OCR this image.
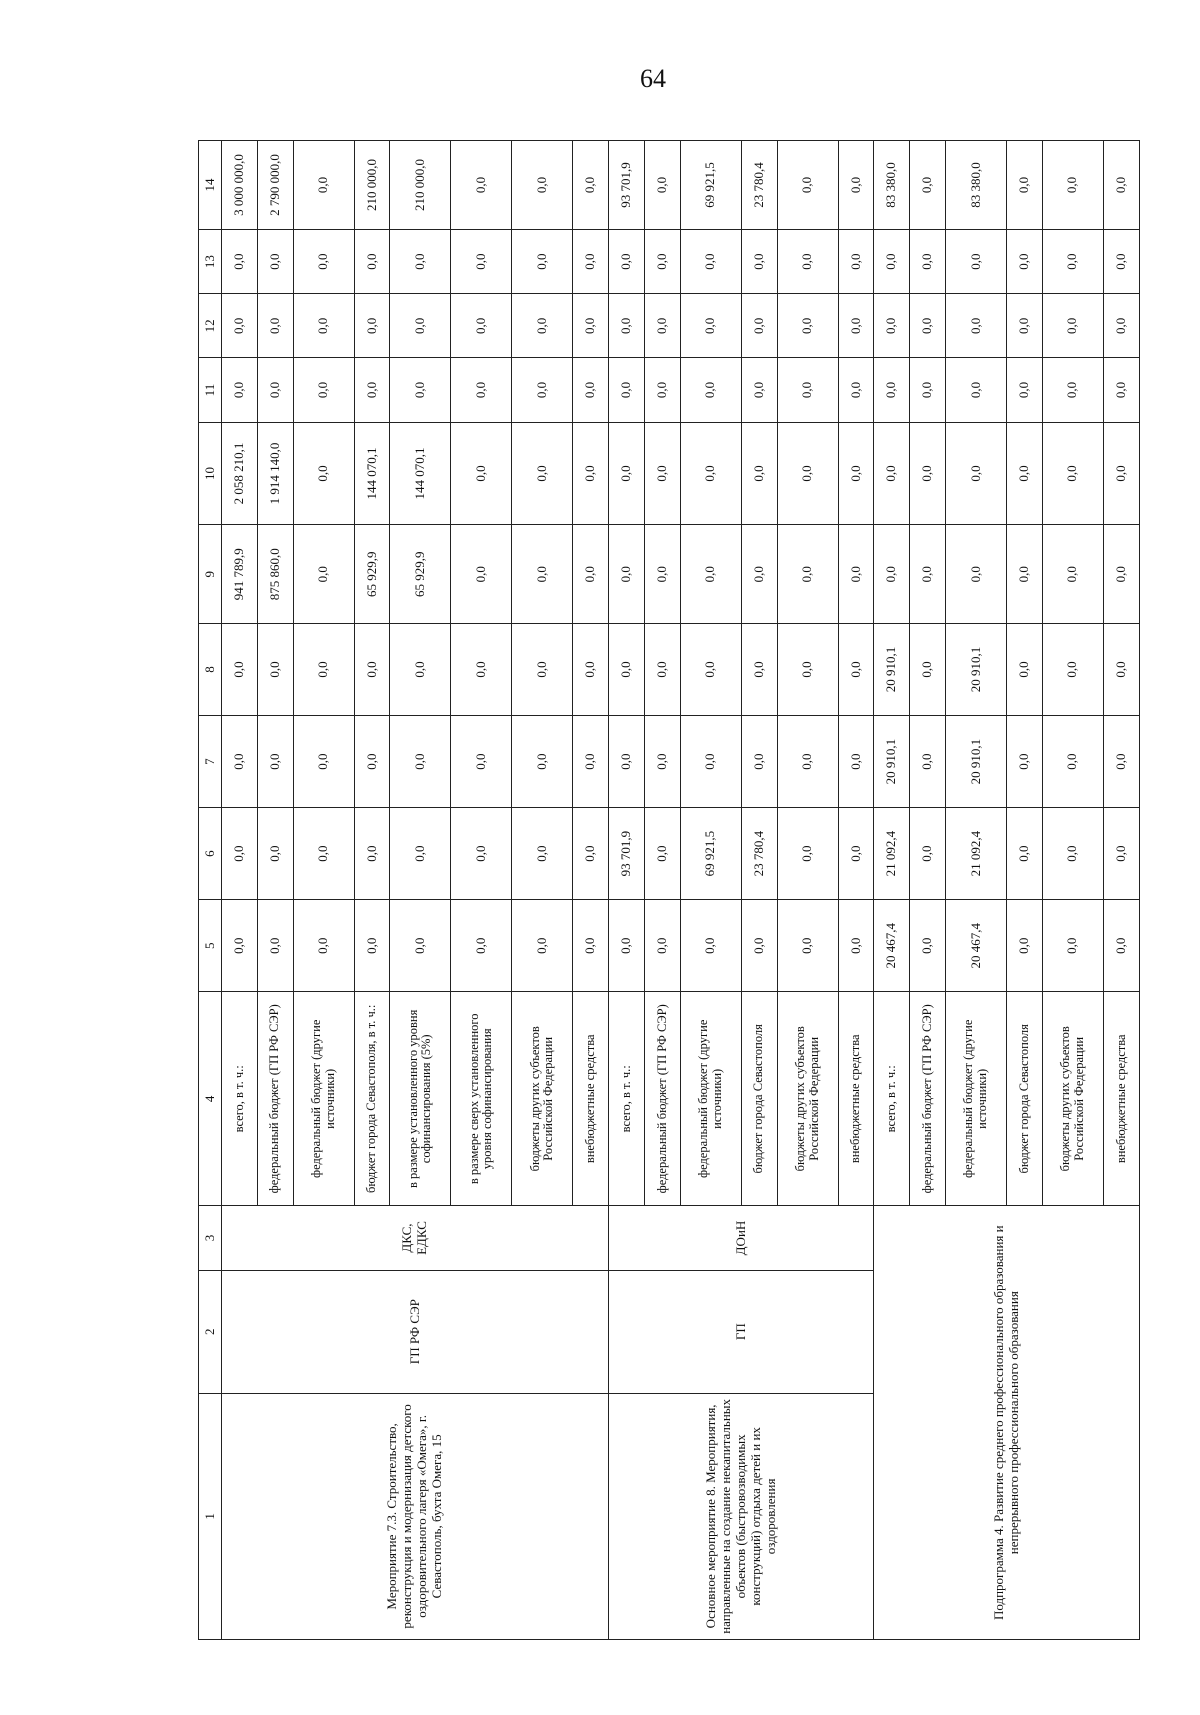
64
1	2	3	4	5	6	7	8	9	10	11	12	13	14
Мероприятие 7.3. Строительство, реконструкция и модернизация детского оздоровительного лагеря «Омега», г. Севастополь, бухта Омега, 15	ГП РФ СЭР	ДКС, ЕДКС	всего, в т. ч.:	0,0	0,0	0,0	0,0	941 789,9	2 058 210,1	0,0	0,0	0,0	3 000 000,0
			федеральный бюджет (ГП РФ СЭР)	0,0	0,0	0,0	0,0	875 860,0	1 914 140,0	0,0	0,0	0,0	2 790 000,0
			федеральный бюджет (другие источники)	0,0	0,0	0,0	0,0	0,0	0,0	0,0	0,0	0,0	0,0
			бюджет города Севастополя, в т. ч.:	0,0	0,0	0,0	0,0	65 929,9	144 070,1	0,0	0,0	0,0	210 000,0
			в размере установленного уровня софинансирования (5%)	0,0	0,0	0,0	0,0	65 929,9	144 070,1	0,0	0,0	0,0	210 000,0
			в размере сверх установленного уровня софинансирования	0,0	0,0	0,0	0,0	0,0	0,0	0,0	0,0	0,0	0,0
			бюджеты других субъектов Российской Федерации	0,0	0,0	0,0	0,0	0,0	0,0	0,0	0,0	0,0	0,0
			внебюджетные средства	0,0	0,0	0,0	0,0	0,0	0,0	0,0	0,0	0,0	0,0
Основное мероприятие 8. Мероприятия, направленные на создание некапитальных объектов (быстровозводимых конструкций) отдыха детей и их оздоровления	ГП	ДОиН	всего, в т. ч.:	0,0	93 701,9	0,0	0,0	0,0	0,0	0,0	0,0	0,0	93 701,9
			федеральный бюджет (ГП РФ СЭР)	0,0	0,0	0,0	0,0	0,0	0,0	0,0	0,0	0,0	0,0
			федеральный бюджет (другие источники)	0,0	69 921,5	0,0	0,0	0,0	0,0	0,0	0,0	0,0	69 921,5
			бюджет города Севастополя	0,0	23 780,4	0,0	0,0	0,0	0,0	0,0	0,0	0,0	23 780,4
			бюджеты других субъектов Российской Федерации	0,0	0,0	0,0	0,0	0,0	0,0	0,0	0,0	0,0	0,0
			внебюджетные средства	0,0	0,0	0,0	0,0	0,0	0,0	0,0	0,0	0,0	0,0
Подпрограмма 4. Развитие среднего профессионального образования и непрерывного профессионального образования			всего, в т. ч.:	20 467,4	21 092,4	20 910,1	20 910,1	0,0	0,0	0,0	0,0	0,0	83 380,0
			федеральный бюджет (ГП РФ СЭР)	0,0	0,0	0,0	0,0	0,0	0,0	0,0	0,0	0,0	0,0
			федеральный бюджет (другие источники)	20 467,4	21 092,4	20 910,1	20 910,1	0,0	0,0	0,0	0,0	0,0	83 380,0
			бюджет города Севастополя	0,0	0,0	0,0	0,0	0,0	0,0	0,0	0,0	0,0	0,0
			бюджеты других субъектов Российской Федерации	0,0	0,0	0,0	0,0	0,0	0,0	0,0	0,0	0,0	0,0
			внебюджетные средства	0,0	0,0	0,0	0,0	0,0	0,0	0,0	0,0	0,0	0,0
